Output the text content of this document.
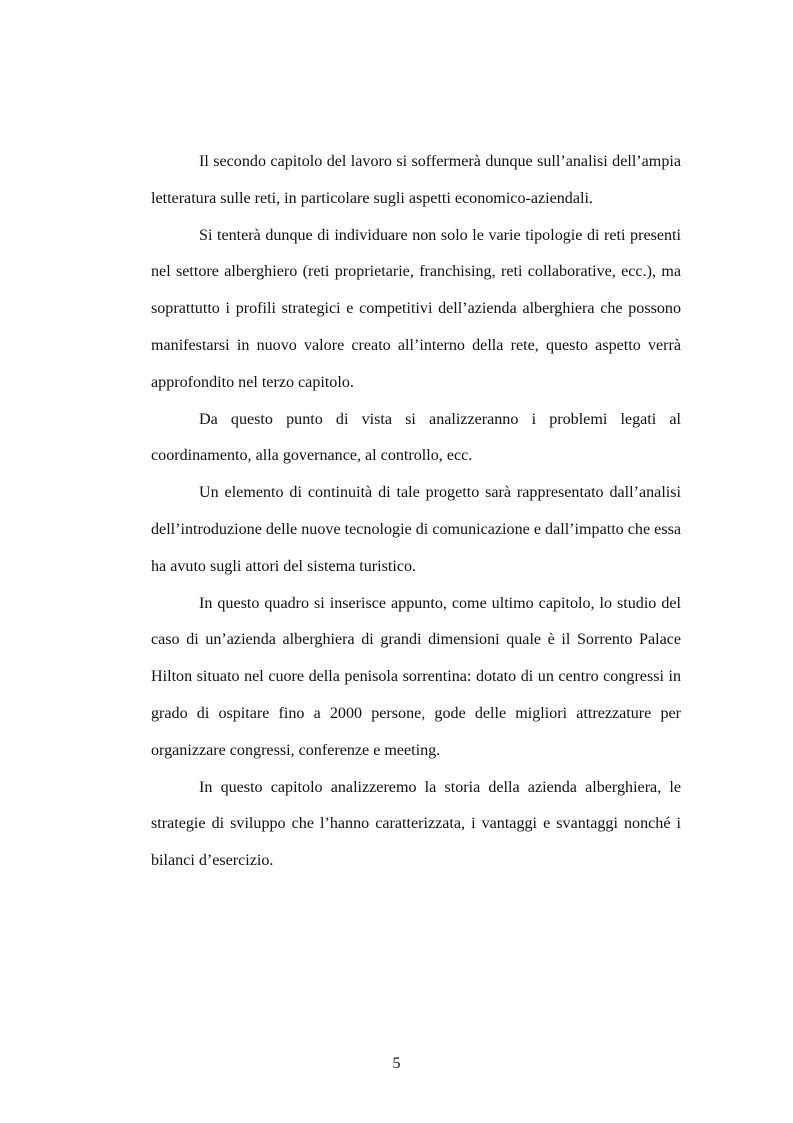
Il secondo capitolo del lavoro si soffermerà dunque sull’analisi dell’ampia letteratura sulle reti, in particolare sugli aspetti economico-aziendali.

Si tenterà dunque di individuare non solo le varie tipologie di reti presenti nel settore alberghiero (reti proprietarie, franchising, reti collaborative, ecc.), ma soprattutto i profili strategici e competitivi dell’azienda alberghiera che possono manifestarsi in nuovo valore creato all’interno della rete, questo aspetto verrà approfondito nel terzo capitolo.

Da questo punto di vista si analizzeranno i problemi legati al coordinamento, alla governance, al controllo, ecc.

Un elemento di continuità di tale progetto sarà rappresentato dall’analisi dell’introduzione delle nuove tecnologie di comunicazione e dall’impatto che essa ha avuto sugli attori del sistema turistico.

In questo quadro si inserisce appunto, come ultimo capitolo, lo studio del caso di un’azienda alberghiera di grandi dimensioni quale è il Sorrento Palace Hilton situato nel cuore della penisola sorrentina: dotato di un centro congressi in grado di ospitare fino a 2000 persone, gode delle migliori attrezzature per organizzare congressi, conferenze e meeting.

In questo capitolo analizzeremo la storia della azienda alberghiera, le strategie di sviluppo che l’hanno caratterizzata, i vantaggi e svantaggi nonché i bilanci d’esercizio.

5
